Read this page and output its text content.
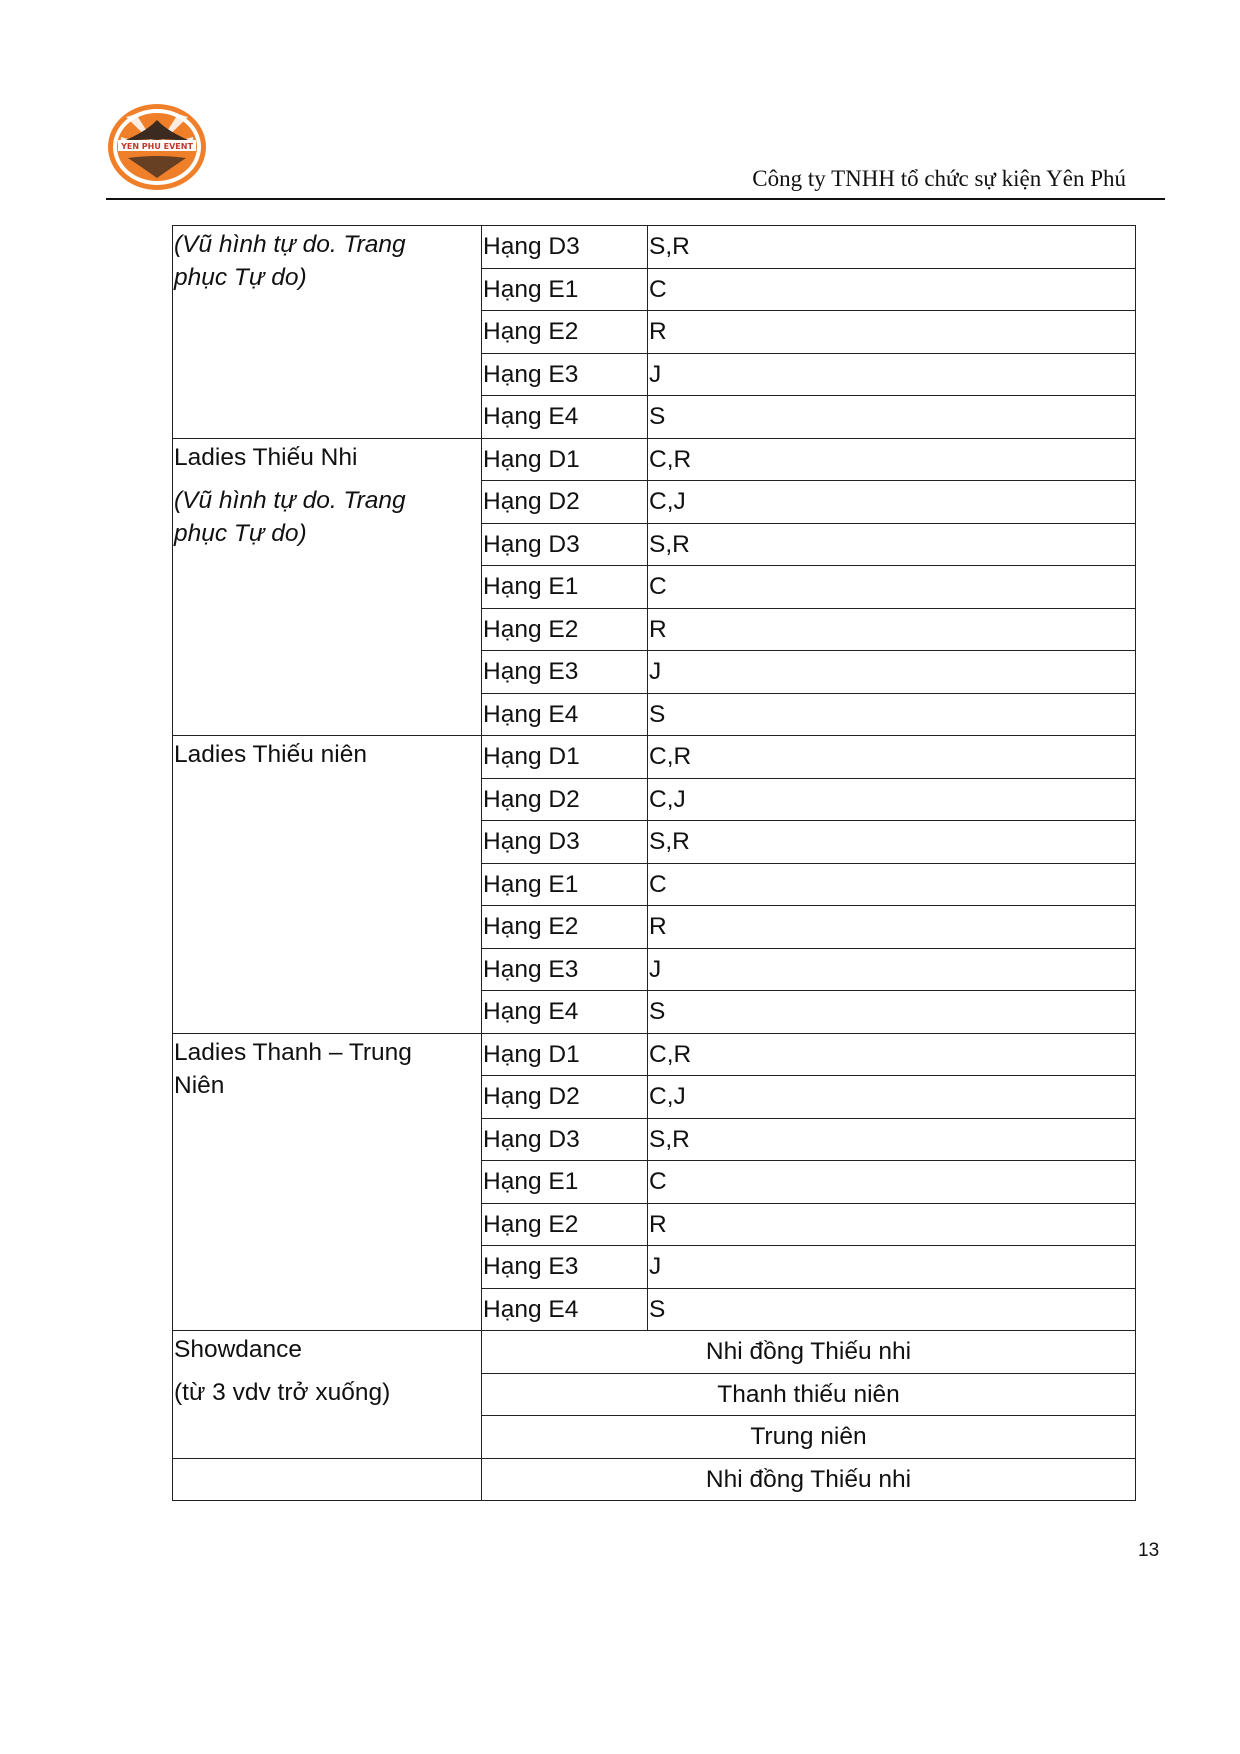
YEN PHU EVENT
Công ty TNHH tổ chức sự kiện Yên Phú
(Vũ hình tự do. Trang
phục Tự do)	Hạng D3	S,R
	Hạng E1	C
	Hạng E2	R
	Hạng E3	J
	Hạng E4	S

Ladies Thiếu Nhi
(Vũ hình tự do. Trang
phục Tự do)	Hạng D1	C,R
	Hạng D2	C,J
	Hạng D3	S,R
	Hạng E1	C
	Hạng E2	R
	Hạng E3	J
	Hạng E4	S

Ladies Thiếu niên	Hạng D1	C,R
	Hạng D2	C,J
	Hạng D3	S,R
	Hạng E1	C
	Hạng E2	R
	Hạng E3	J
	Hạng E4	S

Ladies Thanh – Trung
Niên	Hạng D1	C,R
	Hạng D2	C,J
	Hạng D3	S,R
	Hạng E1	C
	Hạng E2	R
	Hạng E3	J
	Hạng E4	S

Showdance
(từ 3 vdv trở xuống)	Nhi đồng Thiếu nhi	
	Thanh thiếu niên	
	Trung niên	
	Nhi đồng Thiếu nhi	
13
